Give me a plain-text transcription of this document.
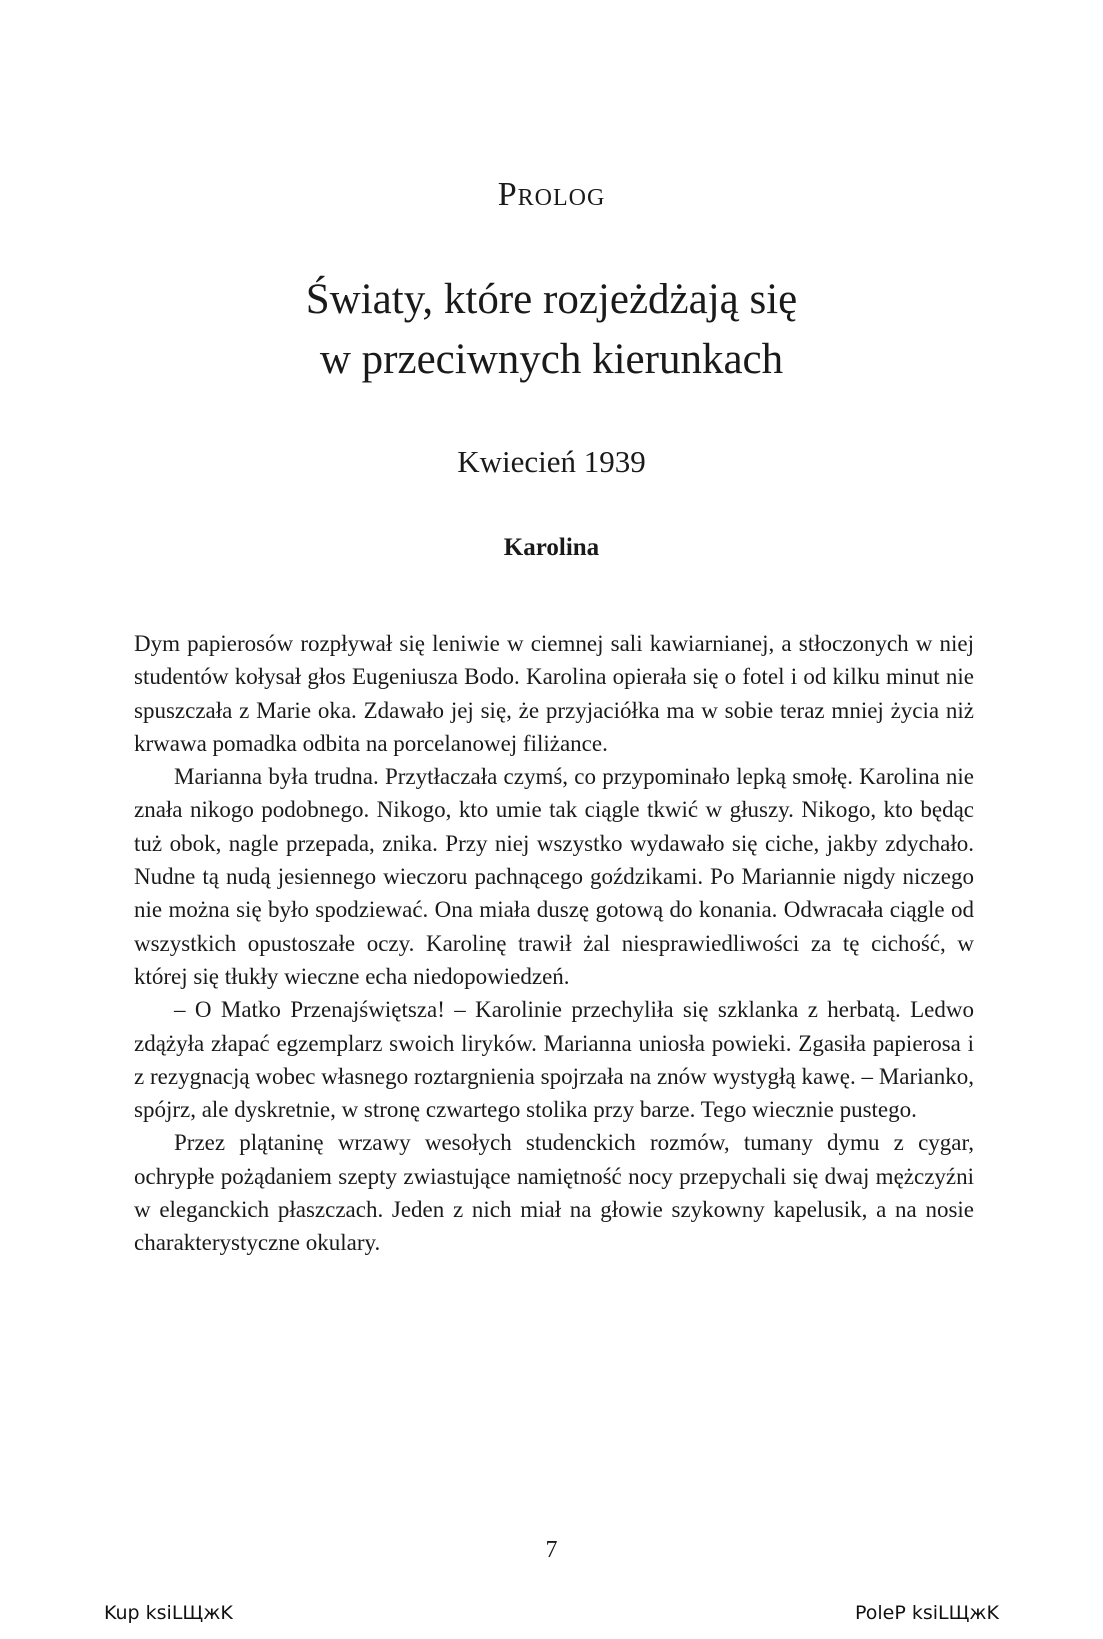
Prolog
Światy, które rozjeżdżają się
w przeciwnych kierunkach
Kwiecień 1939
Karolina

Dym papierosów rozpływał się leniwie w ciemnej sali kawiarnianej, a stłoczonych w niej studentów kołysał głos Eugeniusza Bodo. Karolina opierała się o fotel i od kilku minut nie spuszczała z Marie oka. Zdawało jej się, że przyjaciółka ma w sobie teraz mniej życia niż krwawa pomadka odbita na porcelanowej filiżance.

Marianna była trudna. Przytłaczała czymś, co przypominało lepką smołę. Karolina nie znała nikogo podobnego. Nikogo, kto umie tak ciągle tkwić w głuszy. Nikogo, kto będąc tuż obok, nagle przepada, znika. Przy niej wszystko wydawało się ciche, jakby zdychało. Nudne tą nudą jesiennego wieczoru pachnącego goździkami. Po Mariannie nigdy niczego nie można się było spodziewać. Ona miała duszę gotową do konania. Odwracała ciągle od wszystkich opustoszałe oczy. Karolinę trawił żal niesprawiedliwości za tę cichość, w której się tłukły wieczne echa niedopowiedzeń.

– O Matko Przenajświętsza! – Karolinie przechyliła się szklanka z herbatą. Ledwo zdążyła złapać egzemplarz swoich liryków. Marianna uniosła powieki. Zgasiła papierosa i z rezygnacją wobec własnego roztargnienia spojrzała na znów wystygłą kawę. – Marianko, spójrz, ale dyskretnie, w stronę czwartego stolika przy barze. Tego wiecznie pustego.

Przez plątaninę wrzawy wesołych studenckich rozmów, tumany dymu z cygar, ochrypłe pożądaniem szepty zwiastujące namiętność nocy przepychali się dwaj mężczyźni w eleganckich płaszczach. Jeden z nich miał na głowie szykowny kapelusik, a na nosie charakterystyczne okulary.

7
Kup ksiLЩжK	PoleP ksiLЩжK
